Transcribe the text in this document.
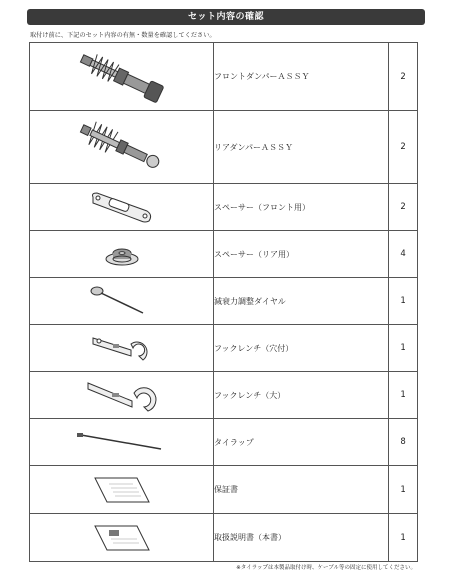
セット内容の確認
取付け前に、下記のセット内容の有無・数量を確認してください。
	フロントダンパーＡＳＳＹ	2

	リアダンパーＡＳＳＹ	2

	スペーサー（フロント用）	2

	スペーサー（リア用）	4

	減衰力調整ダイヤル	1

	フックレンチ（穴付）	1

	フックレンチ（大）	1

	タイラップ	8

	保証書	1

	取扱説明書（本書）	1
※タイラップは本製品取付け時、ケーブル等の固定に使用してください。
